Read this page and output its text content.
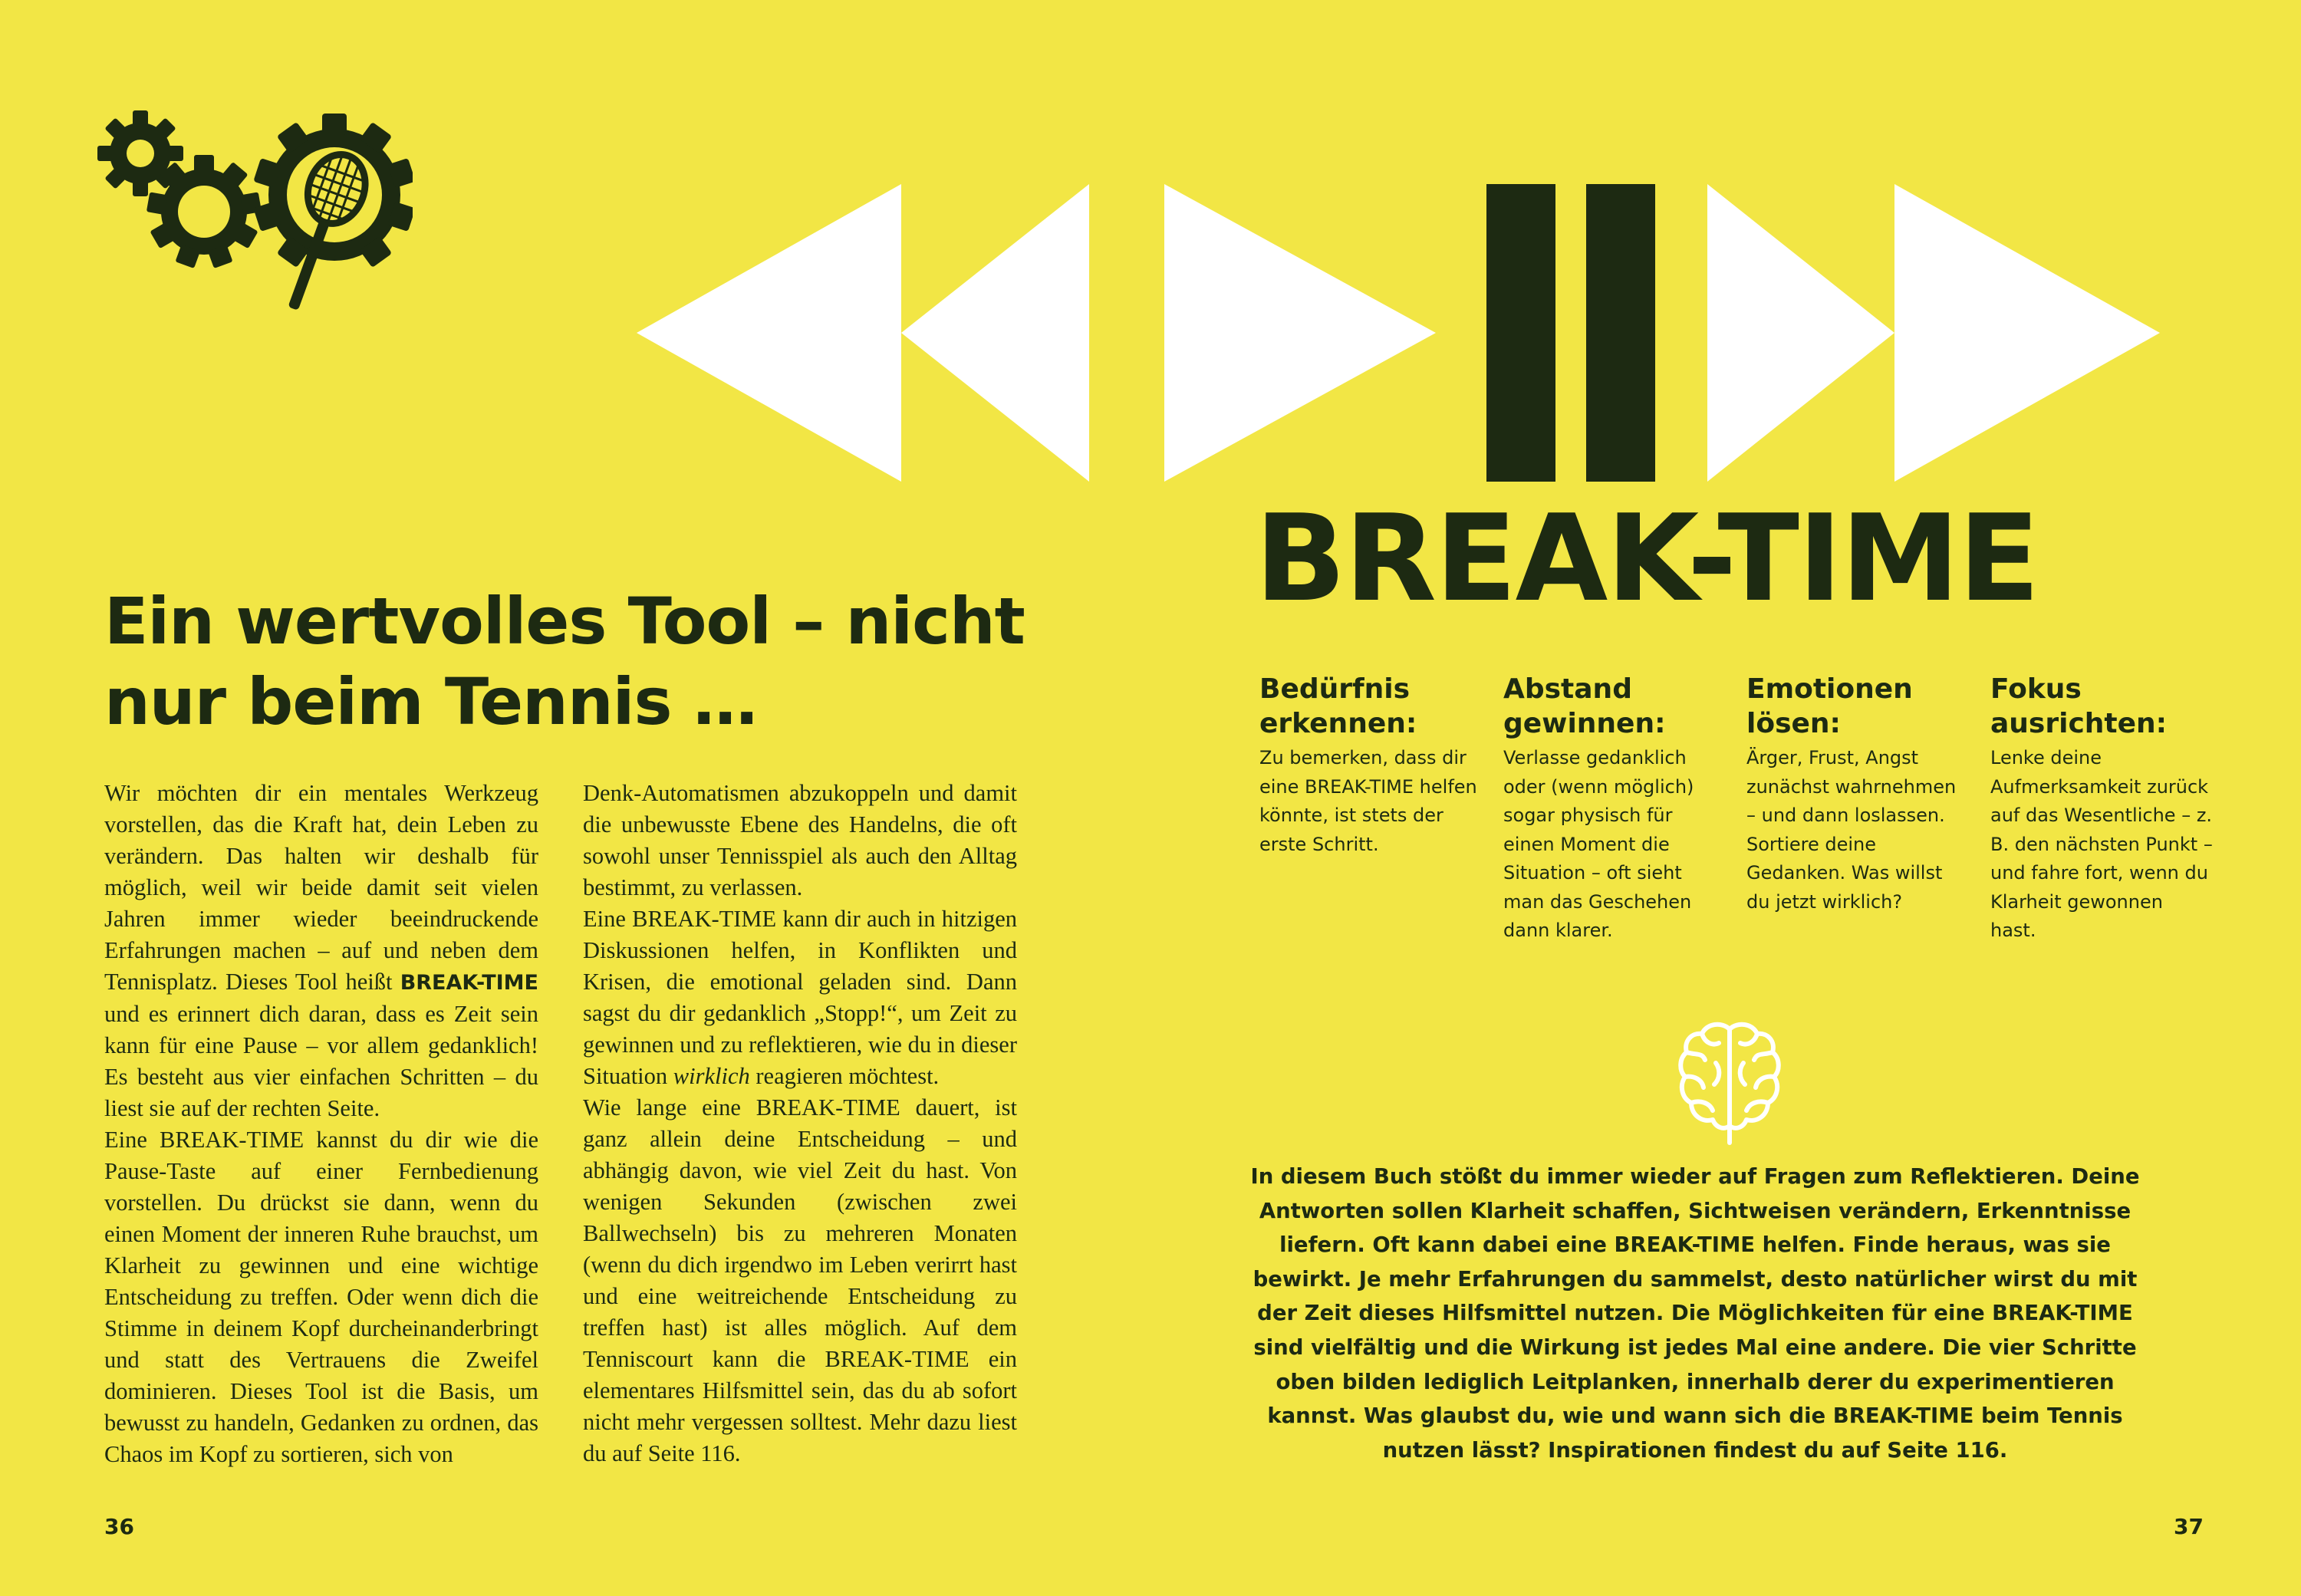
Ein wertvolles Tool – nicht nur beim Tennis …

Wir möchten dir ein mentales Werkzeug vorstellen, das die Kraft hat, dein Leben zu verändern. Das halten wir deshalb für möglich, weil wir beide damit seit vielen Jahren immer wieder beeindruckende Erfahrungen machen – auf und neben dem Tennisplatz. Dieses Tool heißt BREAK-TIME und es erinnert dich daran, dass es Zeit sein kann für eine Pause – vor allem gedanklich! Es besteht aus vier einfachen Schritten – du liest sie auf der rechten Seite.

Eine BREAK-TIME kannst du dir wie die Pause-Taste auf einer Fernbedienung vorstellen. Du drückst sie dann, wenn du einen Moment der inneren Ruhe brauchst, um Klarheit zu gewinnen und eine wichtige Entscheidung zu treffen. Oder wenn dich die Stimme in deinem Kopf durcheinanderbringt und statt des Vertrauens die Zweifel dominieren. Dieses Tool ist die Basis, um bewusst zu handeln, Gedanken zu ordnen, das Chaos im Kopf zu sortieren, sich von

Denk-Automatismen abzukoppeln und damit die unbewusste Ebene des Handelns, die oft sowohl unser Tennisspiel als auch den Alltag bestimmt, zu verlassen.

Eine BREAK-TIME kann dir auch in hitzigen Diskussionen helfen, in Konflikten und Krisen, die emotional geladen sind. Dann sagst du dir gedanklich „Stopp!“, um Zeit zu gewinnen und zu reflektieren, wie du in dieser Situation wirklich reagieren möchtest.

Wie lange eine BREAK-TIME dauert, ist ganz allein deine Entscheidung – und abhängig davon, wie viel Zeit du hast. Von wenigen Sekunden (zwischen zwei Ballwechseln) bis zu mehreren Monaten (wenn du dich irgendwo im Leben verirrt hast und eine weitreichende Entscheidung zu treffen hast) ist alles möglich. Auf dem Tenniscourt kann die BREAK-TIME ein elementares Hilfsmittel sein, das du ab sofort nicht mehr vergessen solltest. Mehr dazu liest du auf Seite 116.

36
BREAK-TIME

Bedürfnis erkennen:

Zu bemerken, dass dir eine BREAK-TIME helfen könnte, ist stets der erste Schritt.

Abstand gewinnen:

Verlasse gedanklich oder (wenn möglich) sogar physisch für einen Moment die Situation – oft sieht man das Geschehen dann klarer.

Emotionen lösen:

Ärger, Frust, Angst zunächst wahrnehmen – und dann loslassen. Sortiere deine Gedanken. Was willst du jetzt wirklich?

Fokus ausrichten:

Lenke deine Aufmerksamkeit zurück auf das Wesentliche – z. B. den nächsten Punkt – und fahre fort, wenn du Klarheit gewonnen hast.

In diesem Buch stößt du immer wieder auf Fragen zum Reflektieren. Deine Antworten sollen Klarheit schaffen, Sichtweisen verändern, Erkenntnisse liefern. Oft kann dabei eine BREAK-TIME helfen. Finde heraus, was sie bewirkt. Je mehr Erfahrungen du sammelst, desto natürlicher wirst du mit der Zeit dieses Hilfsmittel nutzen. Die Möglichkeiten für eine BREAK-TIME sind vielfältig und die Wirkung ist jedes Mal eine andere. Die vier Schritte oben bilden lediglich Leitplanken, innerhalb derer du experimentieren kannst. Was glaubst du, wie und wann sich die BREAK-TIME beim Tennis nutzen lässt? Inspirationen findest du auf Seite 116.

37
